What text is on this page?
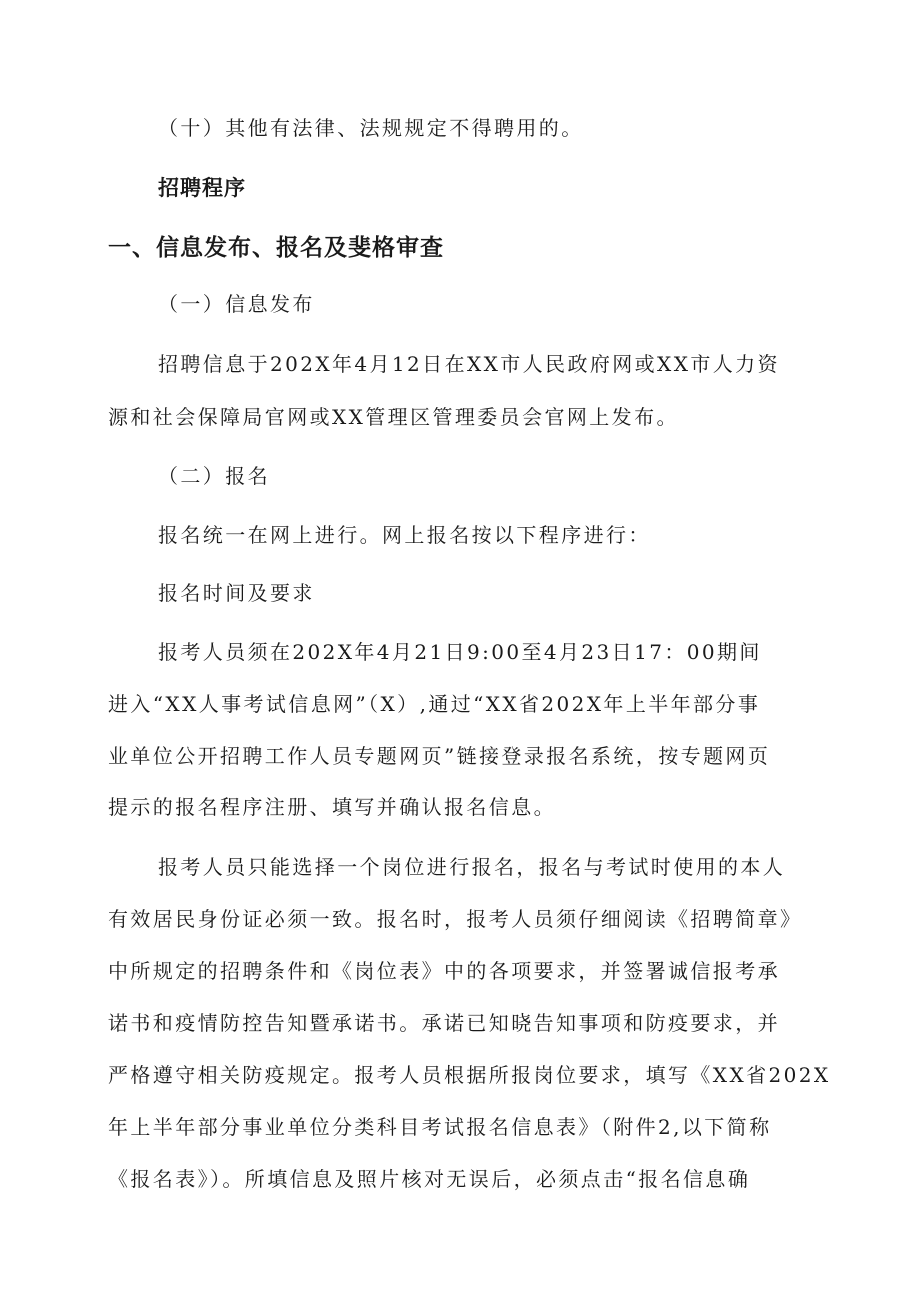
（十）其他有法律、法规规定不得聘用的。
招聘程序
一、信息发布、报名及斐格审查
（一）信息发布
招聘信息于202X年4月12日在XX市人民政府网或XX市人力资
源和社会保障局官网或XX管理区管理委员会官网上发布。
（二）报名
报名统一在网上进行。网上报名按以下程序进行：
报名时间及要求
报考人员须在202X年4月21日9:00至4月23日17：00期间
进入“XX人事考试信息网”（X）,通过“XX省202X年上半年部分事
业单位公开招聘工作人员专题网页”链接登录报名系统，按专题网页
提示的报名程序注册、填写并确认报名信息。
报考人员只能选择一个岗位进行报名，报名与考试时使用的本人
有效居民身份证必须一致。报名时，报考人员须仔细阅读《招聘简章》
中所规定的招聘条件和《岗位表》中的各项要求，并签署诚信报考承
诺书和疫情防控告知暨承诺书。承诺已知晓告知事项和防疫要求，并
严格遵守相关防疫规定。报考人员根据所报岗位要求，填写《XX省202X
年上半年部分事业单位分类科目考试报名信息表》（附件2,以下简称
《报名表》）。所填信息及照片核对无误后，必须点击“报名信息确
